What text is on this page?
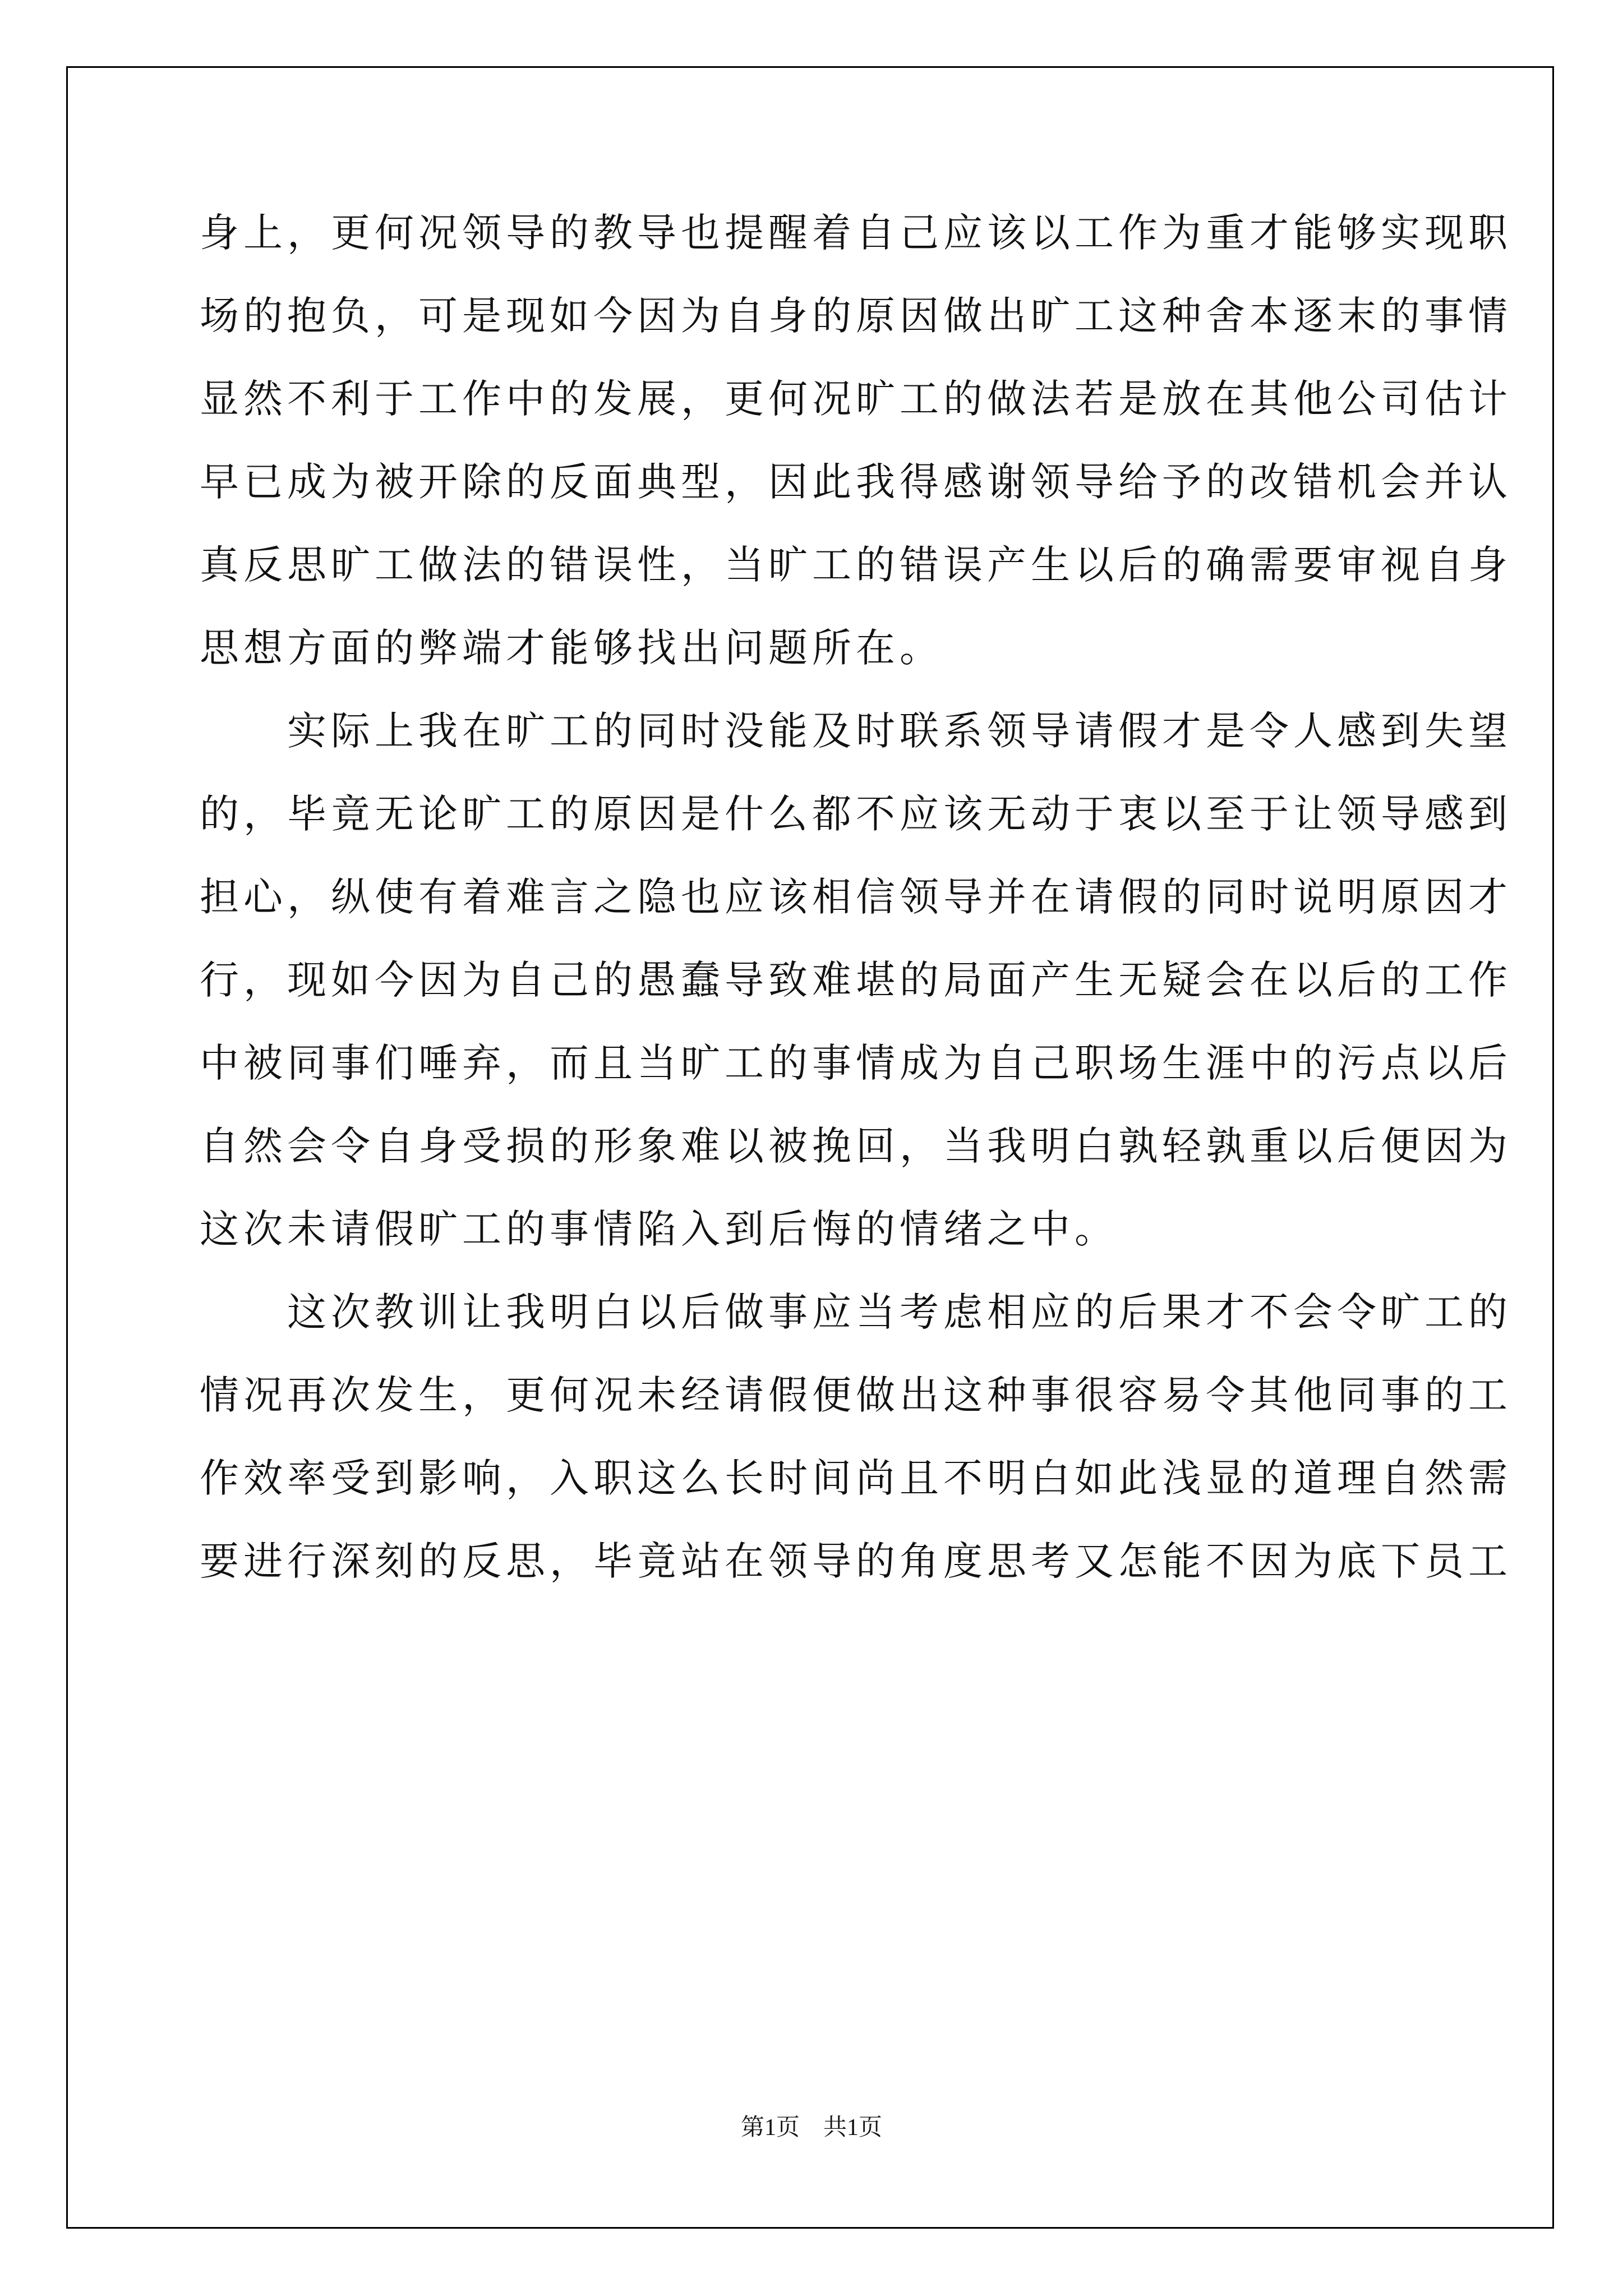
身上，更何况领导的教导也提醒着自己应该以工作为重才能够实现职
场的抱负，可是现如今因为自身的原因做出旷工这种舍本逐末的事情
显然不利于工作中的发展，更何况旷工的做法若是放在其他公司估计
早已成为被开除的反面典型，因此我得感谢领导给予的改错机会并认
真反思旷工做法的错误性，当旷工的错误产生以后的确需要审视自身
思想方面的弊端才能够找出问题所在。
　　实际上我在旷工的同时没能及时联系领导请假才是令人感到失望
的，毕竟无论旷工的原因是什么都不应该无动于衷以至于让领导感到
担心，纵使有着难言之隐也应该相信领导并在请假的同时说明原因才
行，现如今因为自己的愚蠢导致难堪的局面产生无疑会在以后的工作
中被同事们唾弃，而且当旷工的事情成为自己职场生涯中的污点以后
自然会令自身受损的形象难以被挽回，当我明白孰轻孰重以后便因为
这次未请假旷工的事情陷入到后悔的情绪之中。
　　这次教训让我明白以后做事应当考虑相应的后果才不会令旷工的
情况再次发生，更何况未经请假便做出这种事很容易令其他同事的工
作效率受到影响，入职这么长时间尚且不明白如此浅显的道理自然需
要进行深刻的反思，毕竟站在领导的角度思考又怎能不因为底下员工
第1页　共1页
